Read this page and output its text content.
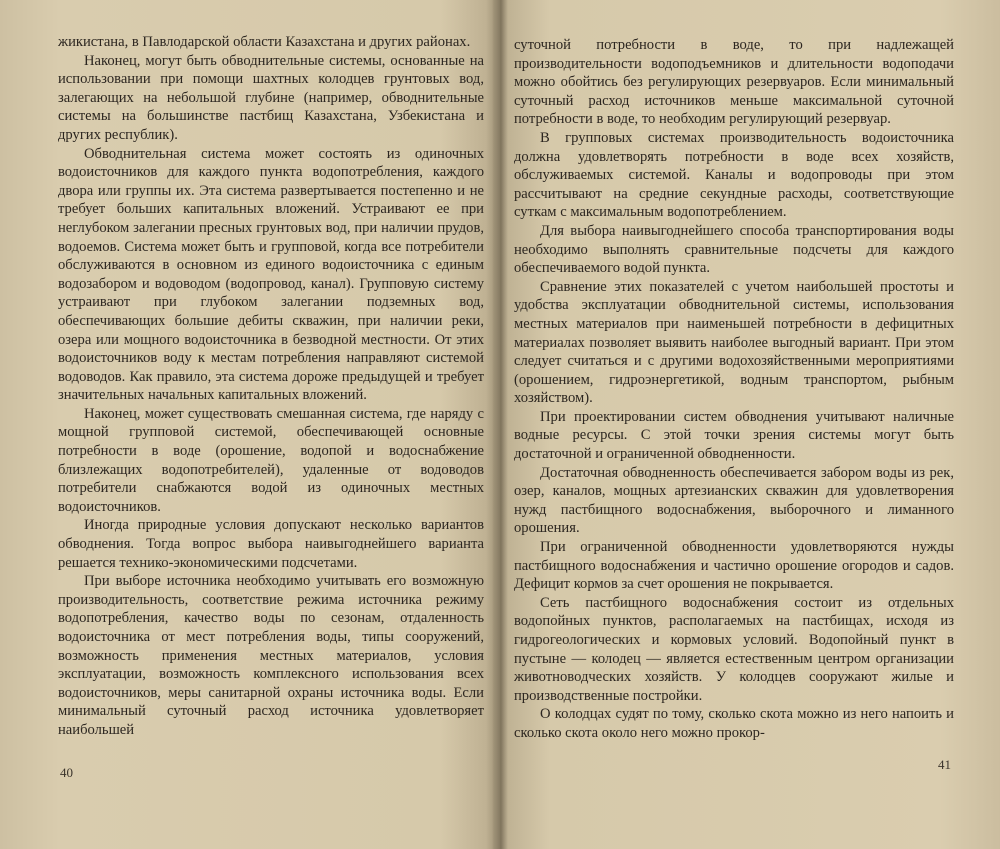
жикистана, в Павлодарской области Казахстана и других районах.

Наконец, могут быть обводнительные системы, основанные на использовании при помощи шахтных колодцев грунтовых вод, залегающих на небольшой глубине (например, обводнительные системы на большинстве пастбищ Казахстана, Узбекистана и других республик).

Обводнительная система может состоять из одиночных водоисточников для каждого пункта водопотребления, каждого двора или группы их. Эта система развертывается постепенно и не требует больших капитальных вложений. Устраивают ее при неглубоком залегании пресных грунтовых вод, при наличии прудов, водоемов. Система может быть и групповой, когда все потребители обслуживаются в основном из единого водоисточника с единым водозабором и водоводом (водопровод, канал). Групповую систему устраивают при глубоком залегании подземных вод, обеспечивающих большие дебиты скважин, при наличии реки, озера или мощного водоисточника в безводной местности. От этих водоисточников воду к местам потребления направляют системой водоводов. Как правило, эта система дороже предыдущей и требует значительных начальных капитальных вложений.

Наконец, может существовать смешанная система, где наряду с мощной групповой системой, обеспечивающей основные потребности в воде (орошение, водопой и водоснабжение близлежащих водопотребителей), удаленные от водоводов потребители снабжаются водой из одиночных местных водоисточников.

Иногда природные условия допускают несколько вариантов обводнения. Тогда вопрос выбора наивыгоднейшего варианта решается технико-экономическими подсчетами.

При выборе источника необходимо учитывать его возможную производительность, соответствие режима источника режиму водопотребления, качество воды по сезонам, отдаленность водоисточника от мест потребления воды, типы сооружений, возможность применения местных материалов, условия эксплуатации, возможность комплексного использования всех водоисточников, меры санитарной охраны источника воды. Если минимальный суточный расход источника удовлетворяет наибольшей

40

суточной потребности в воде, то при надлежащей производительности водоподъемников и длительности водоподачи можно обойтись без регулирующих резервуаров. Если минимальный суточный расход источников меньше максимальной суточной потребности в воде, то необходим регулирующий резервуар.

В групповых системах производительность водоисточника должна удовлетворять потребности в воде всех хозяйств, обслуживаемых системой. Каналы и водопроводы при этом рассчитывают на средние секундные расходы, соответствующие суткам с максимальным водопотреблением.

Для выбора наивыгоднейшего способа транспортирования воды необходимо выполнять сравнительные подсчеты для каждого обеспечиваемого водой пункта.

Сравнение этих показателей с учетом наибольшей простоты и удобства эксплуатации обводнительной системы, использования местных материалов при наименьшей потребности в дефицитных материалах позволяет выявить наиболее выгодный вариант. При этом следует считаться и с другими водохозяйственными мероприятиями (орошением, гидроэнергетикой, водным транспортом, рыбным хозяйством).

При проектировании систем обводнения учитывают наличные водные ресурсы. С этой точки зрения системы могут быть достаточной и ограниченной обводненности.

Достаточная обводненность обеспечивается забором воды из рек, озер, каналов, мощных артезианских скважин для удовлетворения нужд пастбищного водоснабжения, выборочного и лиманного орошения.

При ограниченной обводненности удовлетворяются нужды пастбищного водоснабжения и частично орошение огородов и садов. Дефицит кормов за счет орошения не покрывается.

Сеть пастбищного водоснабжения состоит из отдельных водопойных пунктов, располагаемых на пастбищах, исходя из гидрогеологических и кормовых условий. Водопойный пункт в пустыне — колодец — является естественным центром организации животноводческих хозяйств. У колодцев сооружают жилые и производственные постройки.

О колодцах судят по тому, сколько скота можно из него напоить и сколько скота около него можно прокор-

41
